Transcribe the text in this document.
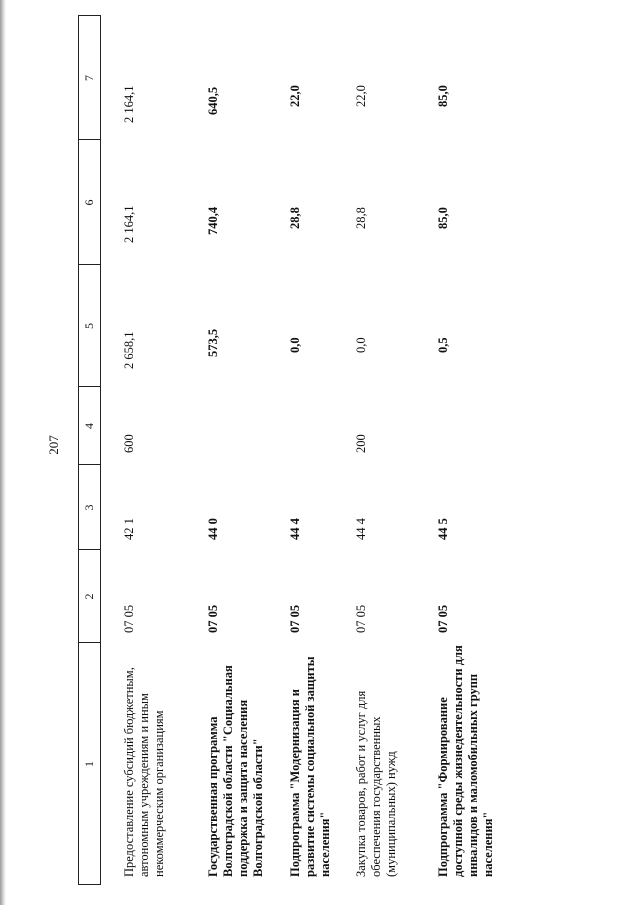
207
1
2
3
4
5
6
7
Предоставление субсидий бюджетным, автономным учреждениям и иным некоммерческим организациям
07 05
42 1
600
2 658,1
2 164,1
2 164,1
Государственная программа Волгоградской области "Социальная поддержка и защита населения Волгоградской области"
07 05
44 0
573,5
740,4
640,5
Подпрограмма "Модернизация и развитие системы социальной защиты населения"
07 05
44 4
0,0
28,8
22,0
Закупка товаров, работ и услуг для обеспечения государственных (муниципальных) нужд
07 05
44 4
200
0,0
28,8
22,0
Подпрограмма "Формирование доступной среды жизнедеятельности для инвалидов и маломобильных групп населения"
07 05
44 5
0,5
85,0
85,0
